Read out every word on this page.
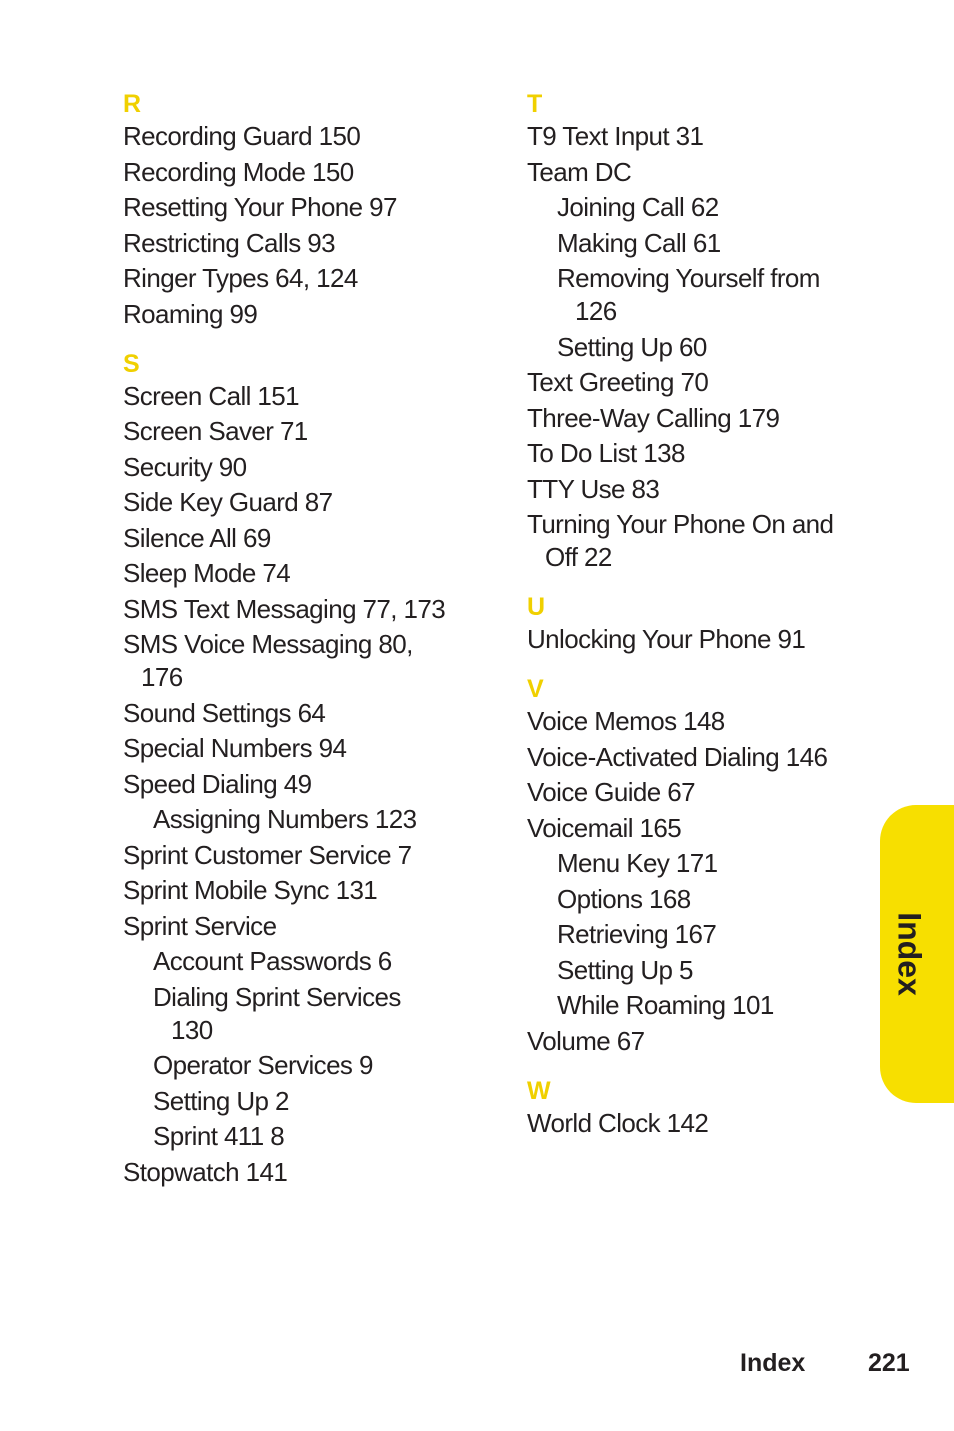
R
Recording Guard 150
Recording Mode 150
Resetting Your Phone 97
Restricting Calls 93
Ringer Types 64, 124
Roaming 99
S
Screen Call 151
Screen Saver 71
Security 90
Side Key Guard 87
Silence All 69
Sleep Mode 74
SMS Text Messaging 77, 173
SMS Voice Messaging 80,
176
Sound Settings 64
Special Numbers 94
Speed Dialing 49
Assigning Numbers 123
Sprint Customer Service 7
Sprint Mobile Sync 131
Sprint Service
Account Passwords 6
Dialing Sprint Services
130
Operator Services 9
Setting Up 2
Sprint 411 8
Stopwatch 141
T
T9 Text Input 31
Team DC
Joining Call 62
Making Call 61
Removing Yourself from
126
Setting Up 60
Text Greeting 70
Three-Way Calling 179
To Do List 138
TTY Use 83
Turning Your Phone On and
Off 22
U
Unlocking Your Phone 91
V
Voice Memos 148
Voice-Activated Dialing 146
Voice Guide 67
Voicemail 165
Menu Key 171
Options 168
Retrieving 167
Setting Up 5
While Roaming 101
Volume 67
W
World Clock 142
Index
Index	221
